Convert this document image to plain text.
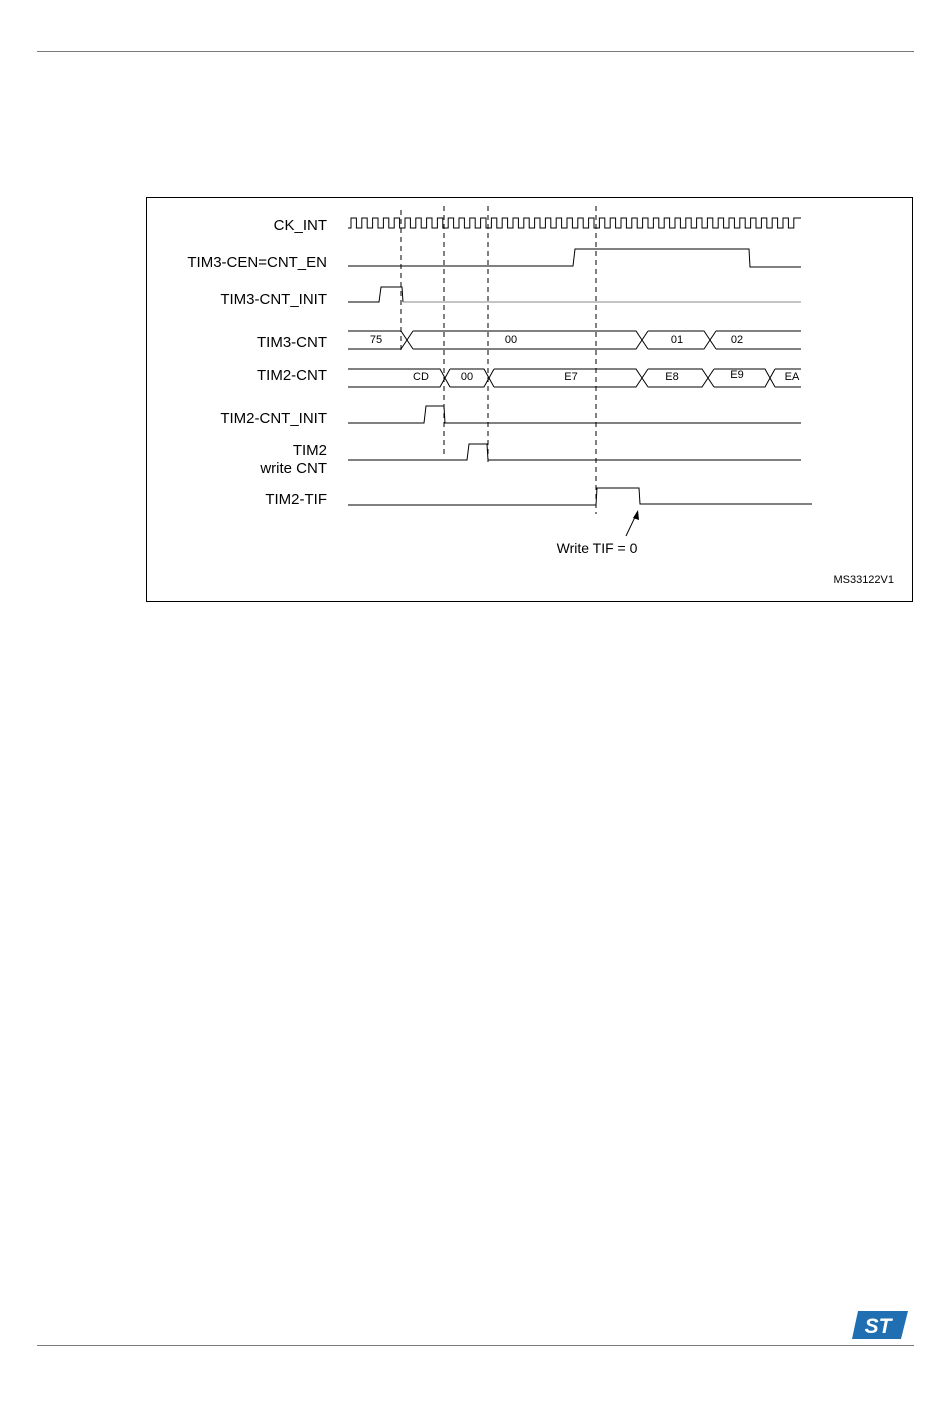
CK_INT
TIM3-CEN=CNT_EN
TIM3-CNT_INIT
TIM3-CNT
TIM2-CNT
TIM2-CNT_INIT
TIM2
write CNT
TIM2-TIF
75	00	01	02
CD	00	E7	E8	E9	EA
Write TIF = 0
MS33122V1
ST
